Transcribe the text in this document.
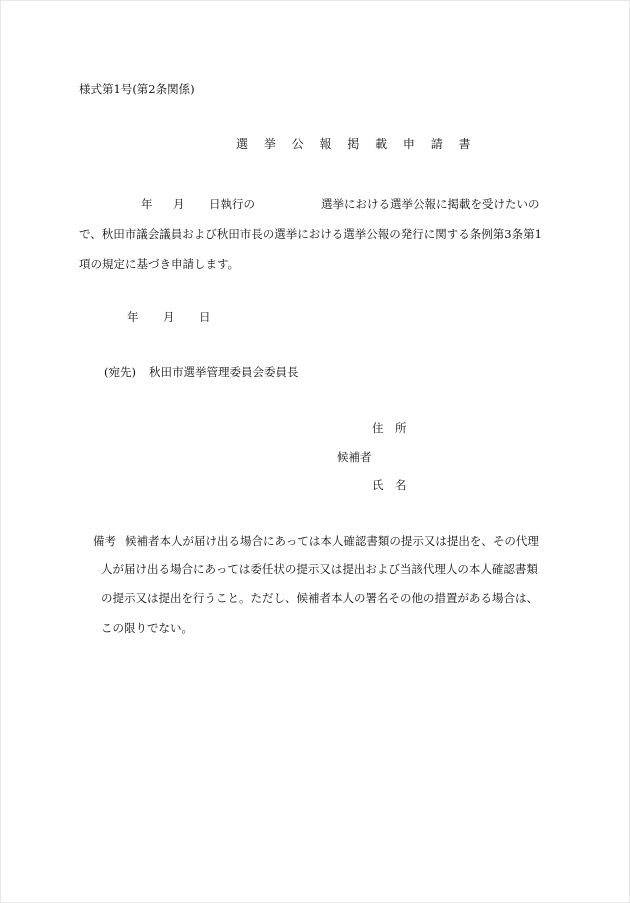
様式第1号(第2条関係)
選 挙 公 報 掲 載 申 請 書
年 月 日執行の	選挙における選挙公報に掲載を受けたいの
で、秋田市議会議員および秋田市長の選挙における選挙公報の発行に関する条例第3条第1
項の規定に基づき申請します。
年 月 日
(宛先) 秋田市選挙管理委員会委員長
住　所
候補者
氏　名
備考 候補者本人が届け出る場合にあっては本人確認書類の提示又は提出を、その代理
人が届け出る場合にあっては委任状の提示又は提出および当該代理人の本人確認書類
の提示又は提出を行うこと。ただし、候補者本人の署名その他の措置がある場合は、
この限りでない。
